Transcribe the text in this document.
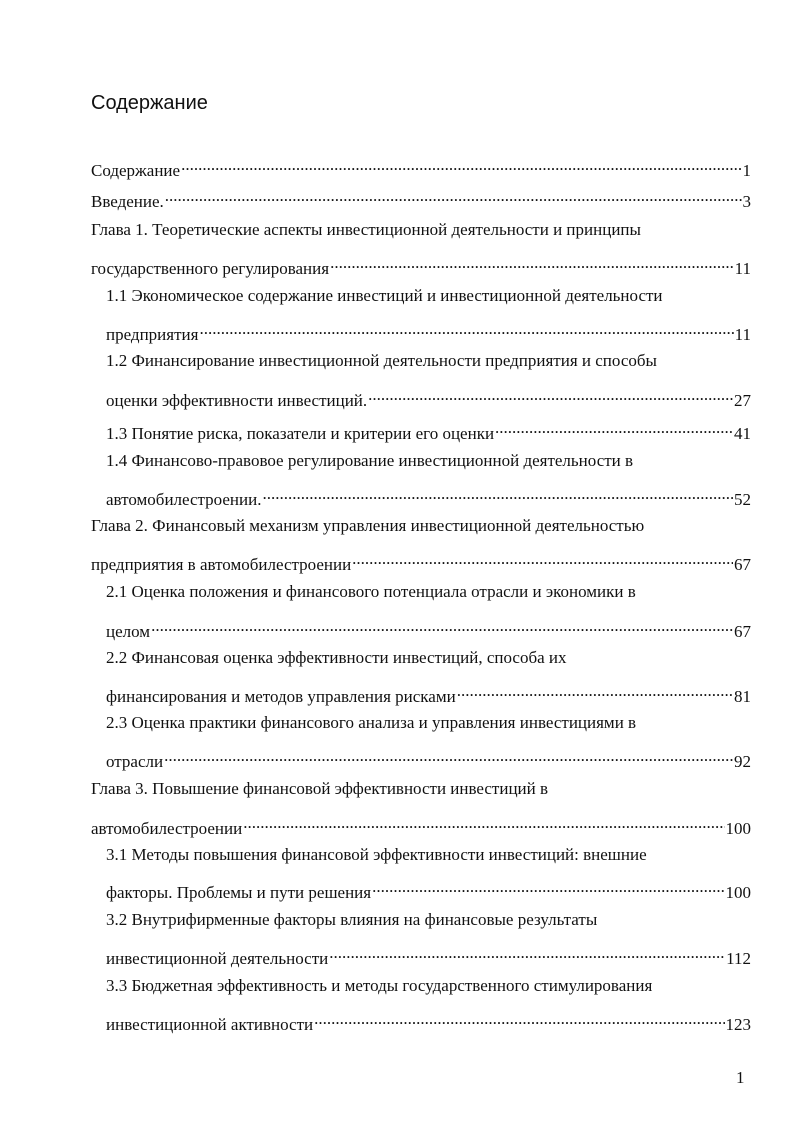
Содержание
Содержание .....	1
Введение. .....	3
Глава 1. Теоретические аспекты инвестиционной деятельности и принципы
государственного регулирования .....	11
1.1 Экономическое содержание инвестиций и инвестиционной деятельности
предприятия .....	11
1.2 Финансирование инвестиционной деятельности предприятия и способы
оценки эффективности инвестиций. .....	27
1.3 Понятие риска, показатели и критерии его оценки .....	41
1.4 Финансово-правовое регулирование инвестиционной деятельности в
автомобилестроении. .....	52
Глава 2. Финансовый механизм управления инвестиционной деятельностью
предприятия в автомобилестроении .....	67
2.1 Оценка положения и финансового потенциала отрасли и экономики в
целом .....	67
2.2 Финансовая оценка эффективности инвестиций, способа их
финансирования и методов управления рисками .....	81
2.3 Оценка практики финансового анализа и управления инвестициями в
отрасли .....	92
Глава 3. Повышение финансовой эффективности инвестиций в
автомобилестроении .....	100
3.1 Методы повышения финансовой эффективности инвестиций: внешние
факторы. Проблемы и пути решения .....	100
3.2 Внутрифирменные факторы влияния на финансовые результаты
инвестиционной деятельности .....	112
3.3 Бюджетная эффективность и методы государственного стимулирования
инвестиционной активности .....	123
1
